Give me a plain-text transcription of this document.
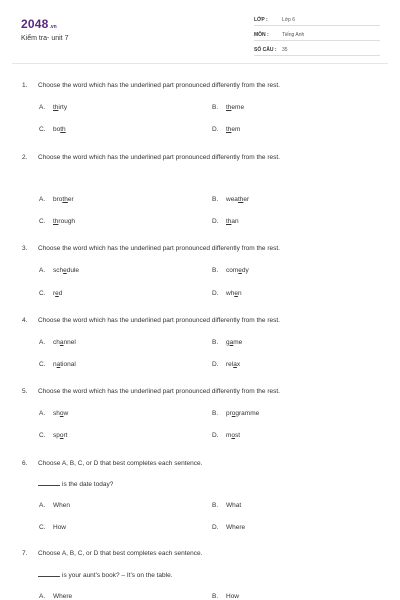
2048 .vn
Kiểm tra- unit 7
LỚP :	Lớp 6
MÔN :	Tiếng Anh
SỐ CÂU :	35
1. Choose the word which has the underlined part pronounced differently from the rest.
A. thirty	B. theme
C. both	D. them
2. Choose the word which has the underlined part pronounced differently from the rest.
A. brother	B. weather
C. through	D. than
3. Choose the word which has the underlined part pronounced differently from the rest.
A. schedule	B. comedy
C. red	D. when
4. Choose the word which has the underlined part pronounced differently from the rest.
A. channel	B. game
C. national	D. relax
5. Choose the word which has the underlined part pronounced differently from the rest.
A. show	B. programme
C. sport	D. most
6. Choose A, B, C, or D that best completes each sentence.
is the date today?
A. When	B. What
C. How	D. Where
7. Choose A, B, C, or D that best completes each sentence.
is your aunt's book? – It's on the table.
A. Where	B. How
